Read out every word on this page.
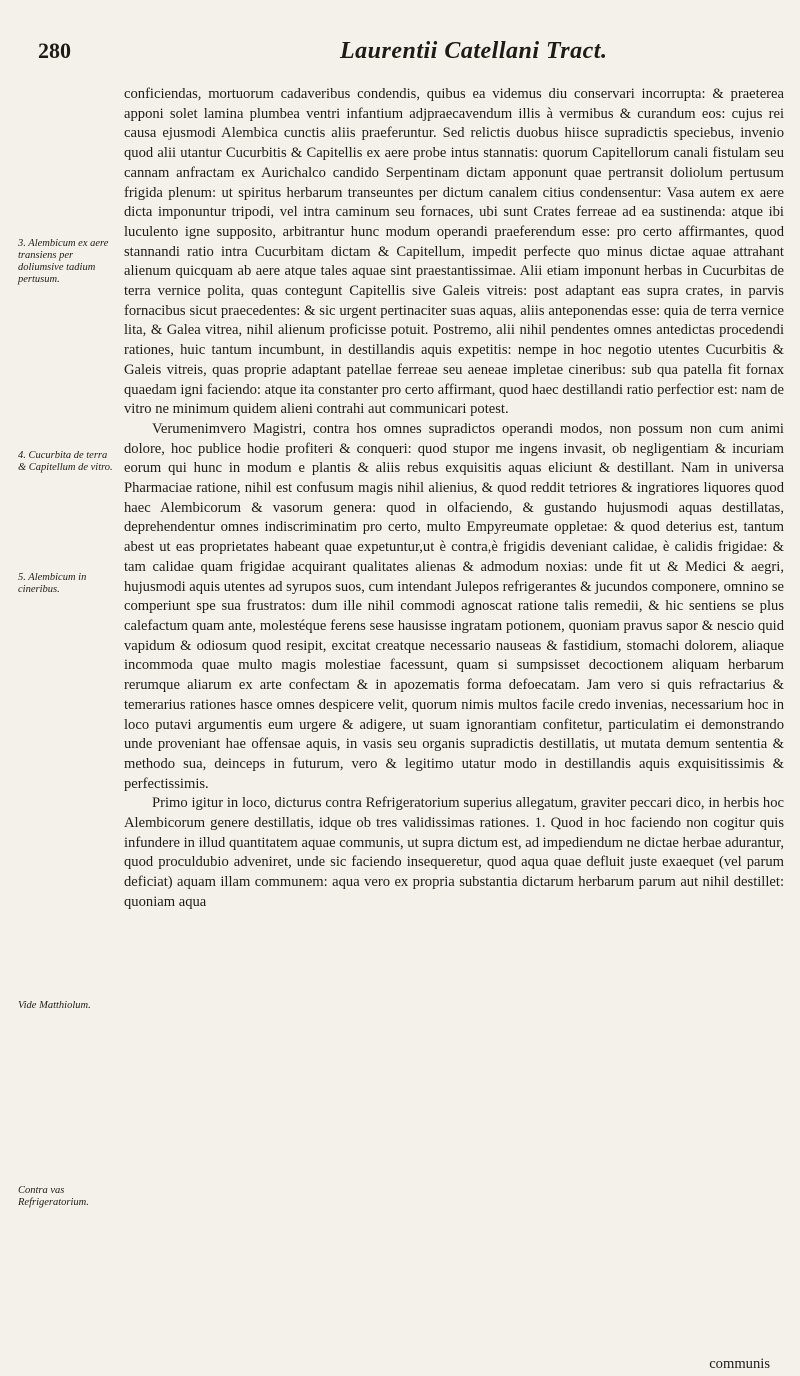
280	Laurentii Catellani Tract.
3. Alembicum ex aere transiens per doliumsive tadium pertusum.
4. Cucurbita de terra & Capitellum de vitro.
5. Alembicum in cineribus.
Vide Matthiolum.
Contra vas Refrigeratorium.

conficiendas, mortuorum cadaveribus condendis, quibus ea videmus diu conservari incorrupta: & praeterea apponi solet lamina plumbea ventri infantium adjpraecavendum illis à vermibus & curandum eos: cujus rei causa ejusmodi Alembica cunctis aliis praeferuntur. Sed relictis duobus hiisce supradictis speciebus, invenio quod alii utantur Cucurbitis & Capitellis ex aere probe intus stannatis: quorum Capitellorum canali fistulam seu cannam anfractam ex Aurichalco candido Serpentinam dictam apponunt quae pertransit doliolum pertusum frigida plenum: ut spiritus herbarum transeuntes per dictum canalem citius condensentur: Vasa autem ex aere dicta imponuntur tripodi, vel intra caminum seu fornaces, ubi sunt Crates ferreae ad ea sustinenda: atque ibi luculento igne supposito, arbitrantur hunc modum operandi praeferendum esse: pro certo affirmantes, quod stannandi ratio intra Cucurbitam dictam & Capitellum, impedit perfecte quo minus dictae aquae attrahant alienum quicquam ab aere atque tales aquae sint praestantissimae. Alii etiam imponunt herbas in Cucurbitas de terra vernice polita, quas contegunt Capitellis sive Galeis vitreis: post adaptant eas supra crates, in parvis fornacibus sicut praecedentes: & sic urgent pertinaciter suas aquas, aliis anteponendas esse: quia de terra vernice lita, & Galea vitrea, nihil alienum proficisse potuit. Postremo, alii nihil pendentes omnes antedictas procedendi rationes, huic tantum incumbunt, in destillandis aquis expetitis: nempe in hoc negotio utentes Cucurbitis & Galeis vitreis, quas proprie adaptant patellae ferreae seu aeneae impletae cineribus: sub qua patella fit fornax quaedam igni faciendo: atque ita constanter pro certo affirmant, quod haec destillandi ratio perfectior est: nam de vitro ne minimum quidem alieni contrahi aut communicari potest.

Verumenimvero Magistri, contra hos omnes supradictos operandi modos, non possum non cum animi dolore, hoc publice hodie profiteri & conqueri: quod stupor me ingens invasit, ob negligentiam & incuriam eorum qui hunc in modum e plantis & aliis rebus exquisitis aquas eliciunt & destillant. Nam in universa Pharmaciae ratione, nihil est confusum magis nihil alienius, & quod reddit tetriores & ingratiores liquores quod haec Alembicorum & vasorum genera: quod in olfaciendo, & gustando hujusmodi aquas destillatas, deprehendentur omnes indiscriminatim pro certo, multo Empyreumate oppletae: & quod deterius est, tantum abest ut eas proprietates habeant quae expetuntur,ut è contra,è frigidis deveniant calidae, è calidis frigidae: & tam calidae quam frigidae acquirant qualitates alienas & admodum noxias: unde fit ut & Medici & aegri, hujusmodi aquis utentes ad syrupos suos, cum intendant Julepos refrigerantes & jucundos componere, omnino se comperiunt spe sua frustratos: dum ille nihil commodi agnoscat ratione talis remedii, & hic sentiens se plus calefactum quam ante, molestéque ferens sese hausisse ingratam potionem, quoniam pravus sapor & nescio quid vapidum & odiosum quod resipit, excitat creatque necessario nauseas & fastidium, stomachi dolorem, aliaque incommoda quae multo magis molestiae facessunt, quam si sumpsisset decoctionem aliquam herbarum rerumque aliarum ex arte confectam & in apozematis forma defoecatam. Jam vero si quis refractarius & temerarius rationes hasce omnes despicere velit, quorum nimis multos facile credo invenias, necessarium hoc in loco putavi argumentis eum urgere & adigere, ut suam ignorantiam confitetur, particulatim ei demonstrando unde proveniant hae offensae aquis, in vasis seu organis supradictis destillatis, ut mutata demum sententia & methodo sua, deinceps in futurum, vero & legitimo utatur modo in destillandis aquis exquisitissimis & perfectissimis.

Primo igitur in loco, dicturus contra Refrigeratorium superius allegatum, graviter peccari dico, in herbis hoc Alembicorum genere destillatis, idque ob tres validissimas rationes. 1. Quod in hoc faciendo non cogitur quis infundere in illud quantitatem aquae communis, ut supra dictum est, ad impediendum ne dictae herbae adurantur, quod proculdubio adveniret, unde sic faciendo insequeretur, quod aqua quae defluit juste exaequet (vel parum deficiat) aquam illam communem: aqua vero ex propria substantia dictarum herbarum parum aut nihil destillet: quoniam aqua

communis
